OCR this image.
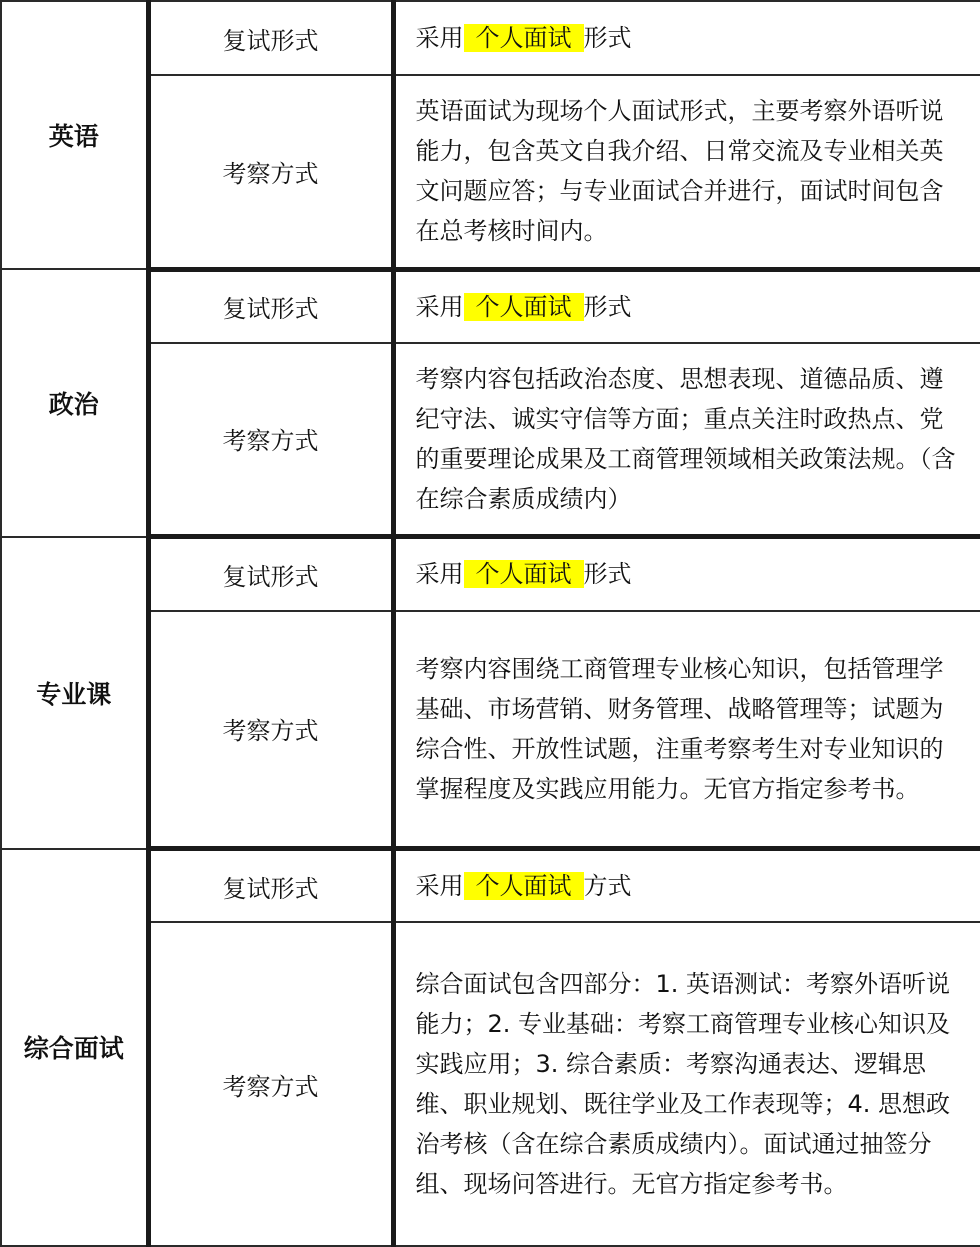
英语	复试形式	采用 个人面试 形式
	考察方式	英语面试为现场个人面试形式，主要考察外语听说能力，包含英文自我介绍、日常交流及专业相关英文问题应答；与专业面试合并进行，面试时间包含在总考核时间内。

政治	复试形式	采用 个人面试 形式
	考察方式	考察内容包括政治态度、思想表现、道德品质、遵纪守法、诚实守信等方面；重点关注时政热点、党的重要理论成果及工商管理领域相关政策法规。（含在综合素质成绩内）

专业课	复试形式	采用 个人面试 形式
	考察方式	考察内容围绕工商管理专业核心知识，包括管理学基础、市场营销、财务管理、战略管理等；试题为综合性、开放性试题，注重考察考生对专业知识的掌握程度及实践应用能力。无官方指定参考书。

综合面试	复试形式	采用 个人面试 方式
	考察方式	综合面试包含四部分：1. 英语测试：考察外语听说能力；2. 专业基础：考察工商管理专业核心知识及实践应用；3. 综合素质：考察沟通表达、逻辑思维、职业规划、既往学业及工作表现等；4. 思想政治考核（含在综合素质成绩内）。面试通过抽签分组、现场问答进行。无官方指定参考书。
